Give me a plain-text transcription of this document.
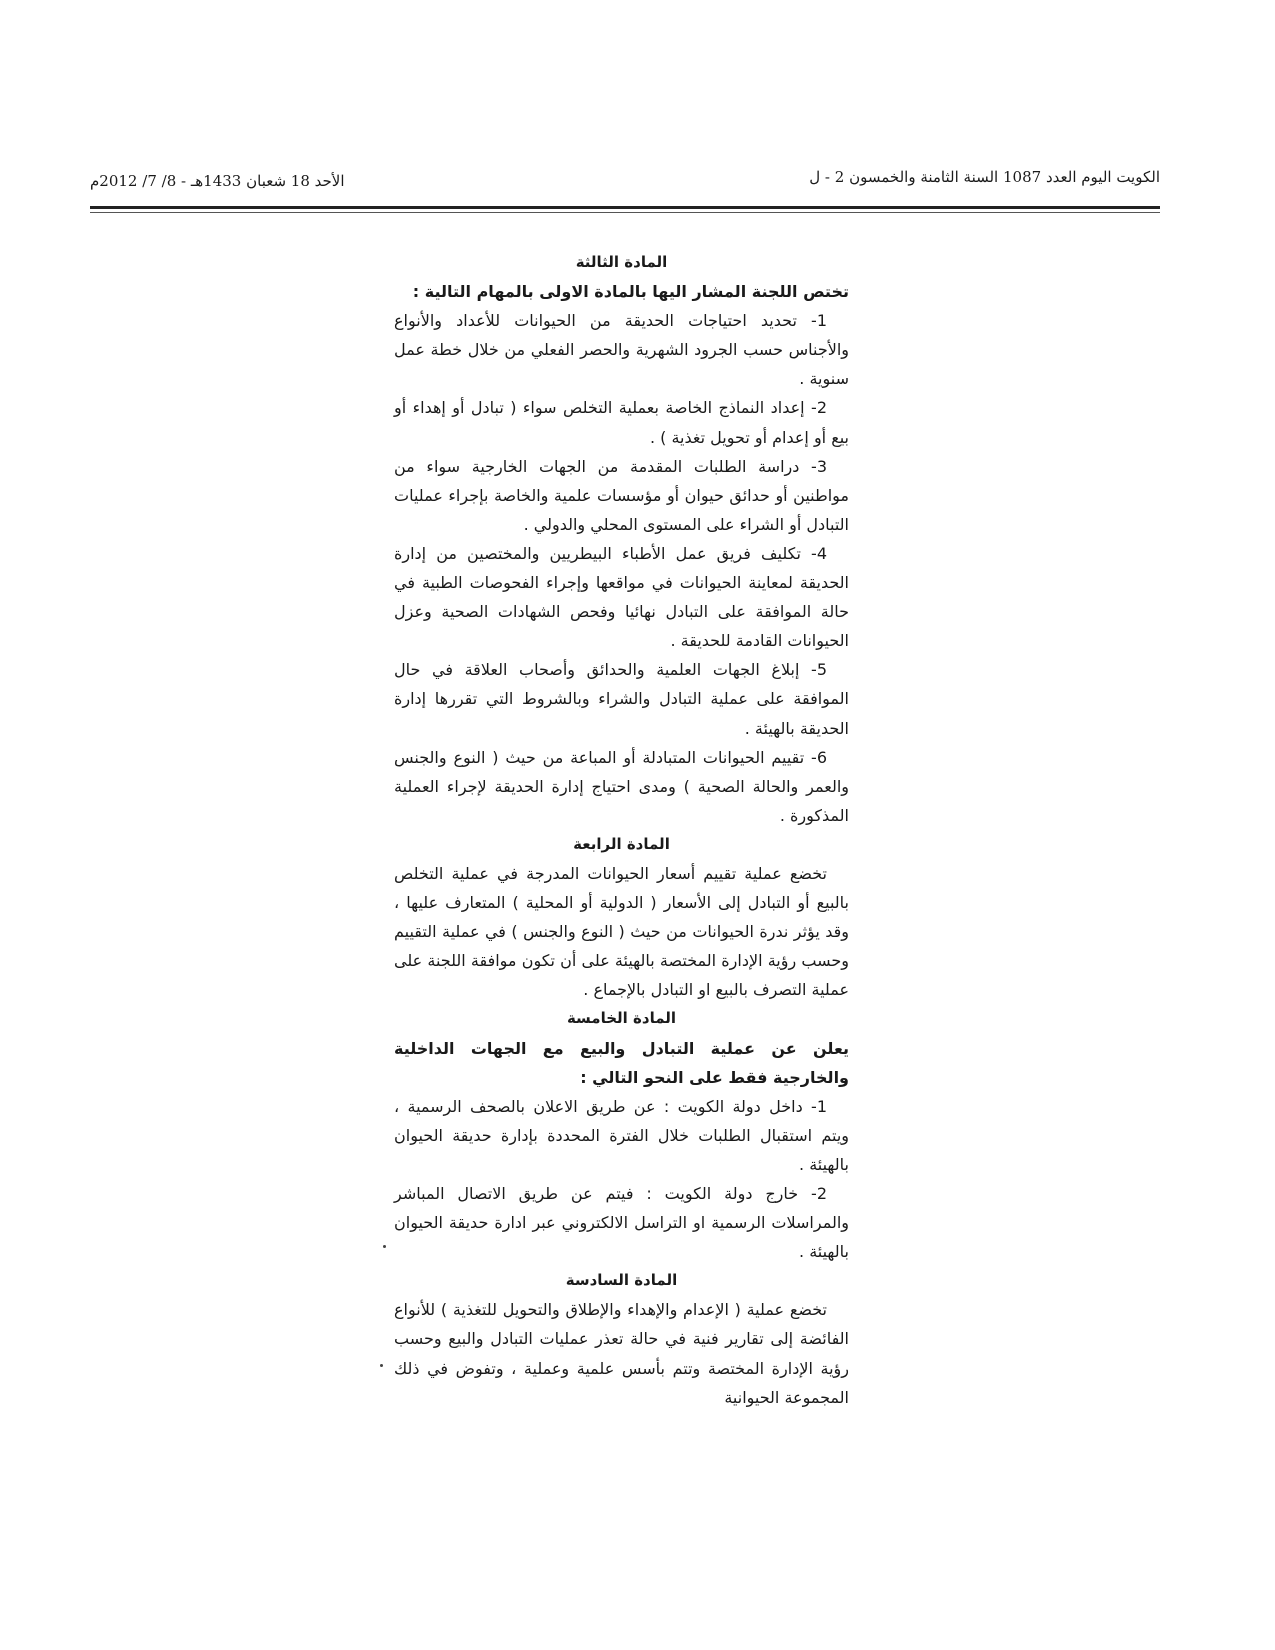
الكويت اليوم العدد 1087 السنة الثامنة والخمسون 2 - ل
الأحد 18 شعبان 1433هـ - 8/ 7/ 2012م

المادة الثالثة

تختص اللجنة المشار اليها بالمادة الاولى بالمهام التالية :

1- تحديد احتياجات الحديقة من الحيوانات للأعداد والأنواع والأجناس حسب الجرود الشهرية والحصر الفعلي من خلال خطة عمل سنوية .

2- إعداد النماذج الخاصة بعملية التخلص سواء ( تبادل أو إهداء أو بيع أو إعدام أو تحويل تغذية ) .

3- دراسة الطلبات المقدمة من الجهات الخارجية سواء من مواطنين أو حدائق حيوان أو مؤسسات علمية والخاصة بإجراء عمليات التبادل أو الشراء على المستوى المحلي والدولي .

4- تكليف فريق عمل الأطباء البيطريين والمختصين من إدارة الحديقة لمعاينة الحيوانات في مواقعها وإجراء الفحوصات الطبية في حالة الموافقة على التبادل نهائيا وفحص الشهادات الصحية وعزل الحيوانات القادمة للحديقة .

5- إبلاغ الجهات العلمية والحدائق وأصحاب العلاقة في حال الموافقة على عملية التبادل والشراء وبالشروط التي تقررها إدارة الحديقة بالهيئة .

6- تقييم الحيوانات المتبادلة أو المباعة من حيث ( النوع والجنس والعمر والحالة الصحية ) ومدى احتياج إدارة الحديقة لإجراء العملية المذكورة .

المادة الرابعة

تخضع عملية تقييم أسعار الحيوانات المدرجة في عملية التخلص بالبيع أو التبادل إلى الأسعار ( الدولية أو المحلية ) المتعارف عليها ، وقد يؤثر ندرة الحيوانات من حيث ( النوع والجنس ) في عملية التقييم وحسب رؤية الإدارة المختصة بالهيئة على أن تكون موافقة اللجنة على عملية التصرف بالبيع او التبادل بالإجماع .

المادة الخامسة

يعلن عن عملية التبادل والبيع مع الجهات الداخلية والخارجية فقط على النحو التالي :

1- داخل دولة الكويت : عن طريق الاعلان بالصحف الرسمية ، ويتم استقبال الطلبات خلال الفترة المحددة بإدارة حديقة الحيوان بالهيئة .

2- خارج دولة الكويت : فيتم عن طريق الاتصال المباشر والمراسلات الرسمية او التراسل الالكتروني عبر ادارة حديقة الحيوان بالهيئة .

المادة السادسة

تخضع عملية ( الإعدام والإهداء والإطلاق والتحويل للتغذية ) للأنواع الفائضة إلى تقارير فنية في حالة تعذر عمليات التبادل والبيع وحسب رؤية الإدارة المختصة وتتم بأسس علمية وعملية ، وتفوض في ذلك المجموعة الحيوانية
